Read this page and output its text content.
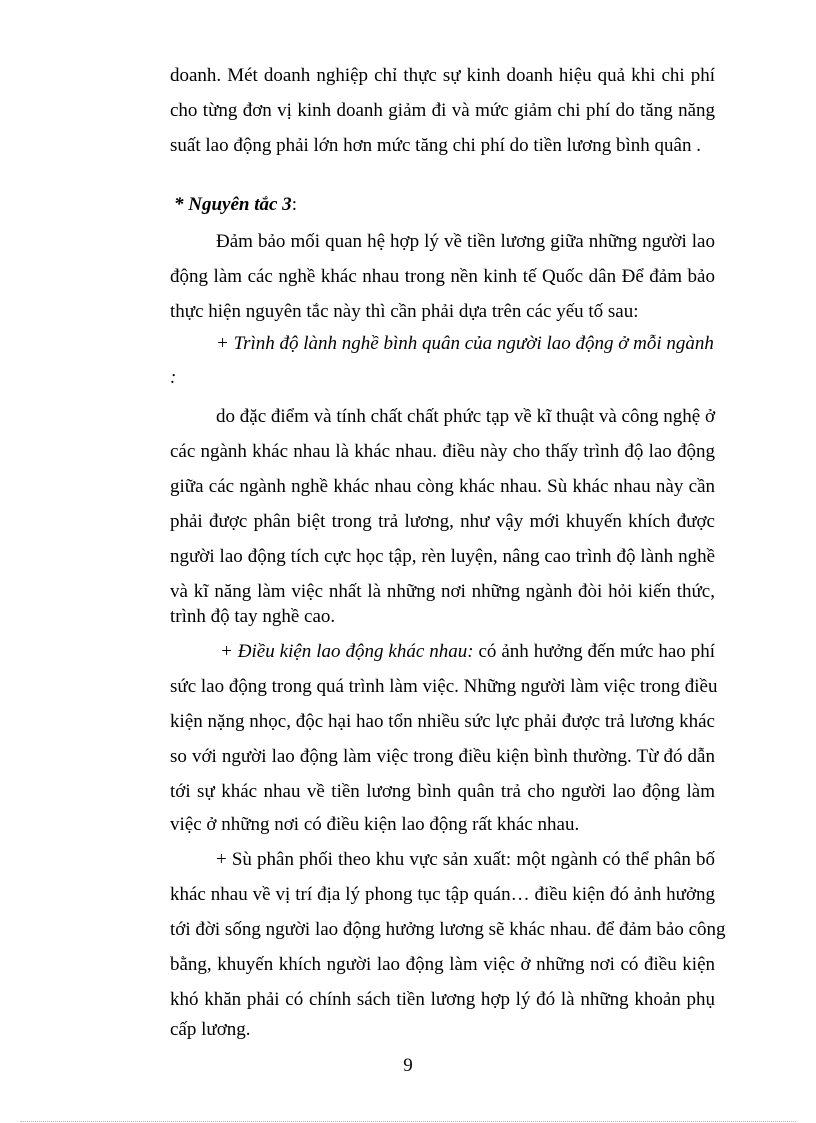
doanh. Mét doanh nghiệp chỉ thực sự kinh doanh hiệu quả khi chi phí
cho từng đơn vị kinh doanh giảm đi và mức giảm chi phí do tăng năng
suất lao động phải lớn hơn mức tăng chi phí do tiền lương bình quân .
* Nguyên tắc 3:
Đảm bảo mối quan hệ hợp lý về tiền lương giữa những người lao
động làm các nghề khác nhau trong nền kinh tế Quốc dân Để đảm bảo
thực hiện nguyên tắc này thì cần phải dựa trên các yếu tố sau:
+ Trình độ lành nghề bình quân của người lao động ở mỗi ngành
:
do đặc điểm và tính chất chất phức tạp về kĩ thuật và công nghệ ở
các ngành khác nhau là khác nhau. điều này cho thấy trình độ lao động
giữa các ngành nghề khác nhau còng khác nhau. Sù khác nhau này cần
phải được phân biệt trong trả lương, như vậy mới khuyến khích được
người lao động tích cực học tập, rèn luyện, nâng cao trình độ lành nghề
và kĩ năng làm việc nhất là những nơi những ngành đòi hỏi kiến thức,
trình độ tay nghề cao.
+ Điều kiện lao động khác nhau: có ảnh hưởng đến mức hao phí
sức lao động trong quá trình làm việc. Những người làm việc trong điều
kiện nặng nhọc, độc hại hao tổn nhiều sức lực phải được trả lương khác
so với người lao động làm việc trong điều kiện bình thường. Từ đó dẫn
tới sự khác nhau về tiền lương bình quân trả cho người lao động làm
việc ở những nơi có điều kiện lao động rất khác nhau.
+ Sù phân phối theo khu vực sản xuất: một ngành có thể phân bố
khác nhau về vị trí địa lý phong tục tập quán… điều kiện đó ảnh hưởng
tới đời sống người lao động hưởng lương sẽ khác nhau. để đảm bảo công
bằng, khuyến khích người lao động làm việc ở những nơi có điều kiện
khó khăn phải có chính sách tiền lương hợp lý đó là những khoản phụ
cấp lương.
9
